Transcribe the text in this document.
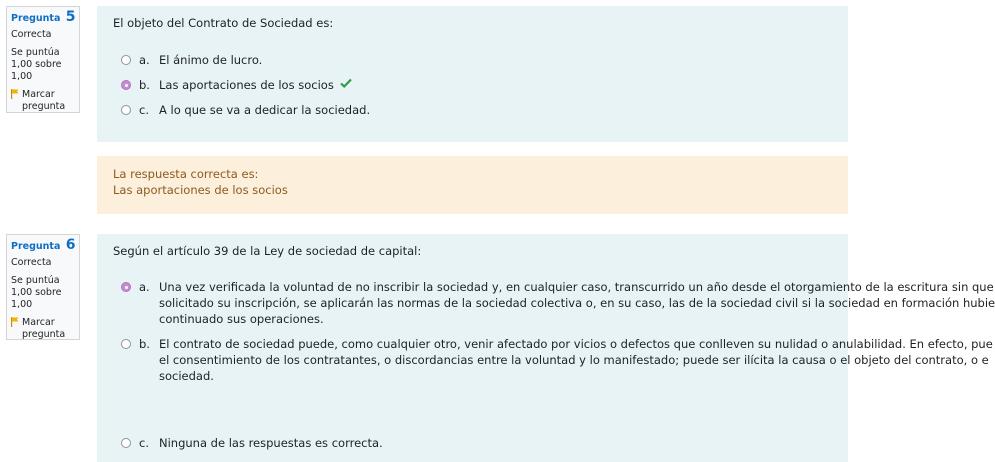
Pregunta 5
Correcta
Se puntúa 1,00 sobre 1,00
Marcar pregunta
El objeto del Contrato de Sociedad es:
a. El ánimo de lucro.
b. Las aportaciones de los socios
c. A lo que se va a dedicar la sociedad.
La respuesta correcta es:
Las aportaciones de los socios
Pregunta 6
Correcta
Se puntúa 1,00 sobre 1,00
Marcar pregunta
Según el artículo 39 de la Ley de sociedad de capital:
a. Una vez verificada la voluntad de no inscribir la sociedad y, en cualquier caso, transcurrido un año desde el otorgamiento de la escritura sin que
solicitado su inscripción, se aplicarán las normas de la sociedad colectiva o, en su caso, las de la sociedad civil si la sociedad en formación hubie
continuado sus operaciones.
b. El contrato de sociedad puede, como cualquier otro, venir afectado por vicios o defectos que conlleven su nulidad o anulabilidad. En efecto, pue
el consentimiento de los contratantes, o discordancias entre la voluntad y lo manifestado; puede ser ilícita la causa o el objeto del contrato, o e
sociedad.
c. Ninguna de las respuestas es correcta.
